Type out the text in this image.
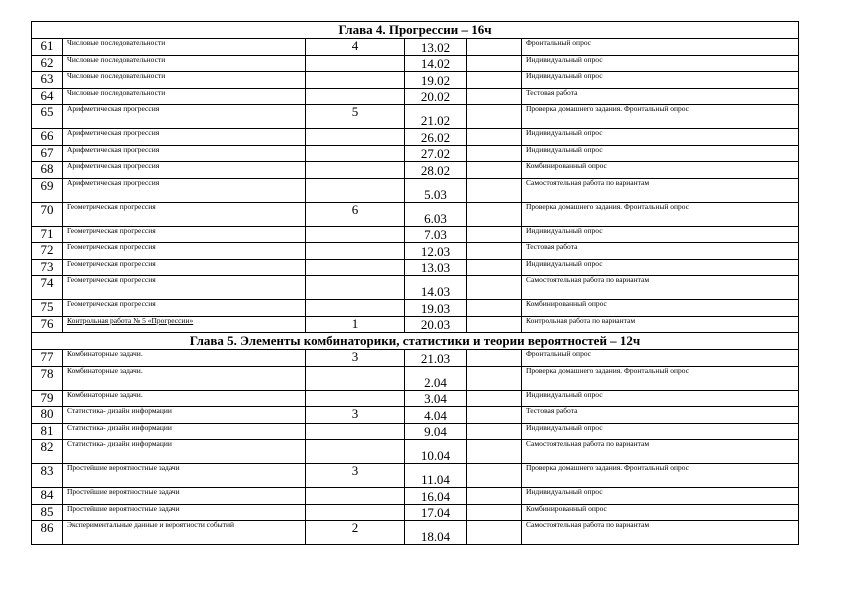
Глава 4. Прогрессии – 16ч					
61	Числовые последовательности	4	13.02		Фронтальный опрос
62	Числовые последовательности		14.02		Индивидуальный опрос
63	Числовые последовательности		19.02		Индивидуальный опрос
64	Числовые последовательности		20.02		Тестовая работа
65	Арифметическая прогрессия	5	21.02		Проверка домашнего задания. Фронтальный опрос
66	Арифметическая прогрессия		26.02		Индивидуальный опрос
67	Арифметическая прогрессия		27.02		Индивидуальный опрос
68	Арифметическая прогрессия		28.02		Комбинированный опрос
69	Арифметическая прогрессия		5.03		Самостоятельная работа по вариантам
70	Геометрическая прогрессия	6	6.03		Проверка домашнего задания. Фронтальный опрос
71	Геометрическая прогрессия		7.03		Индивидуальный опрос
72	Геометрическая прогрессия		12.03		Тестовая работа
73	Геометрическая прогрессия		13.03		Индивидуальный опрос
74	Геометрическая прогрессия		14.03		Самостоятельная работа по вариантам
75	Геометрическая прогрессия		19.03		Комбинированный опрос
76	Контрольная работа № 5 «Прогрессии»	1	20.03		Контрольная работа по вариантам
Глава 5. Элементы комбинаторики, статистики и теории вероятностей – 12ч					
77	Комбинаторные задачи.	3	21.03		Фронтальный опрос
78	Комбинаторные задачи.		2.04		Проверка домашнего задания. Фронтальный опрос
79	Комбинаторные задачи.		3.04		Индивидуальный опрос
80	Статистика- дизайн информации	3	4.04		Тестовая работа
81	Статистика- дизайн информации		9.04		Индивидуальный опрос
82	Статистика- дизайн информации		10.04		Самостоятельная работа по вариантам
83	Простейшие вероятностные задачи	3	11.04		Проверка домашнего задания. Фронтальный опрос
84	Простейшие вероятностные задачи		16.04		Индивидуальный опрос
85	Простейшие вероятностные задачи		17.04		Комбинированный опрос
86	Экспериментальные данные и вероятности событий	2	18.04		Самостоятельная работа по вариантам
